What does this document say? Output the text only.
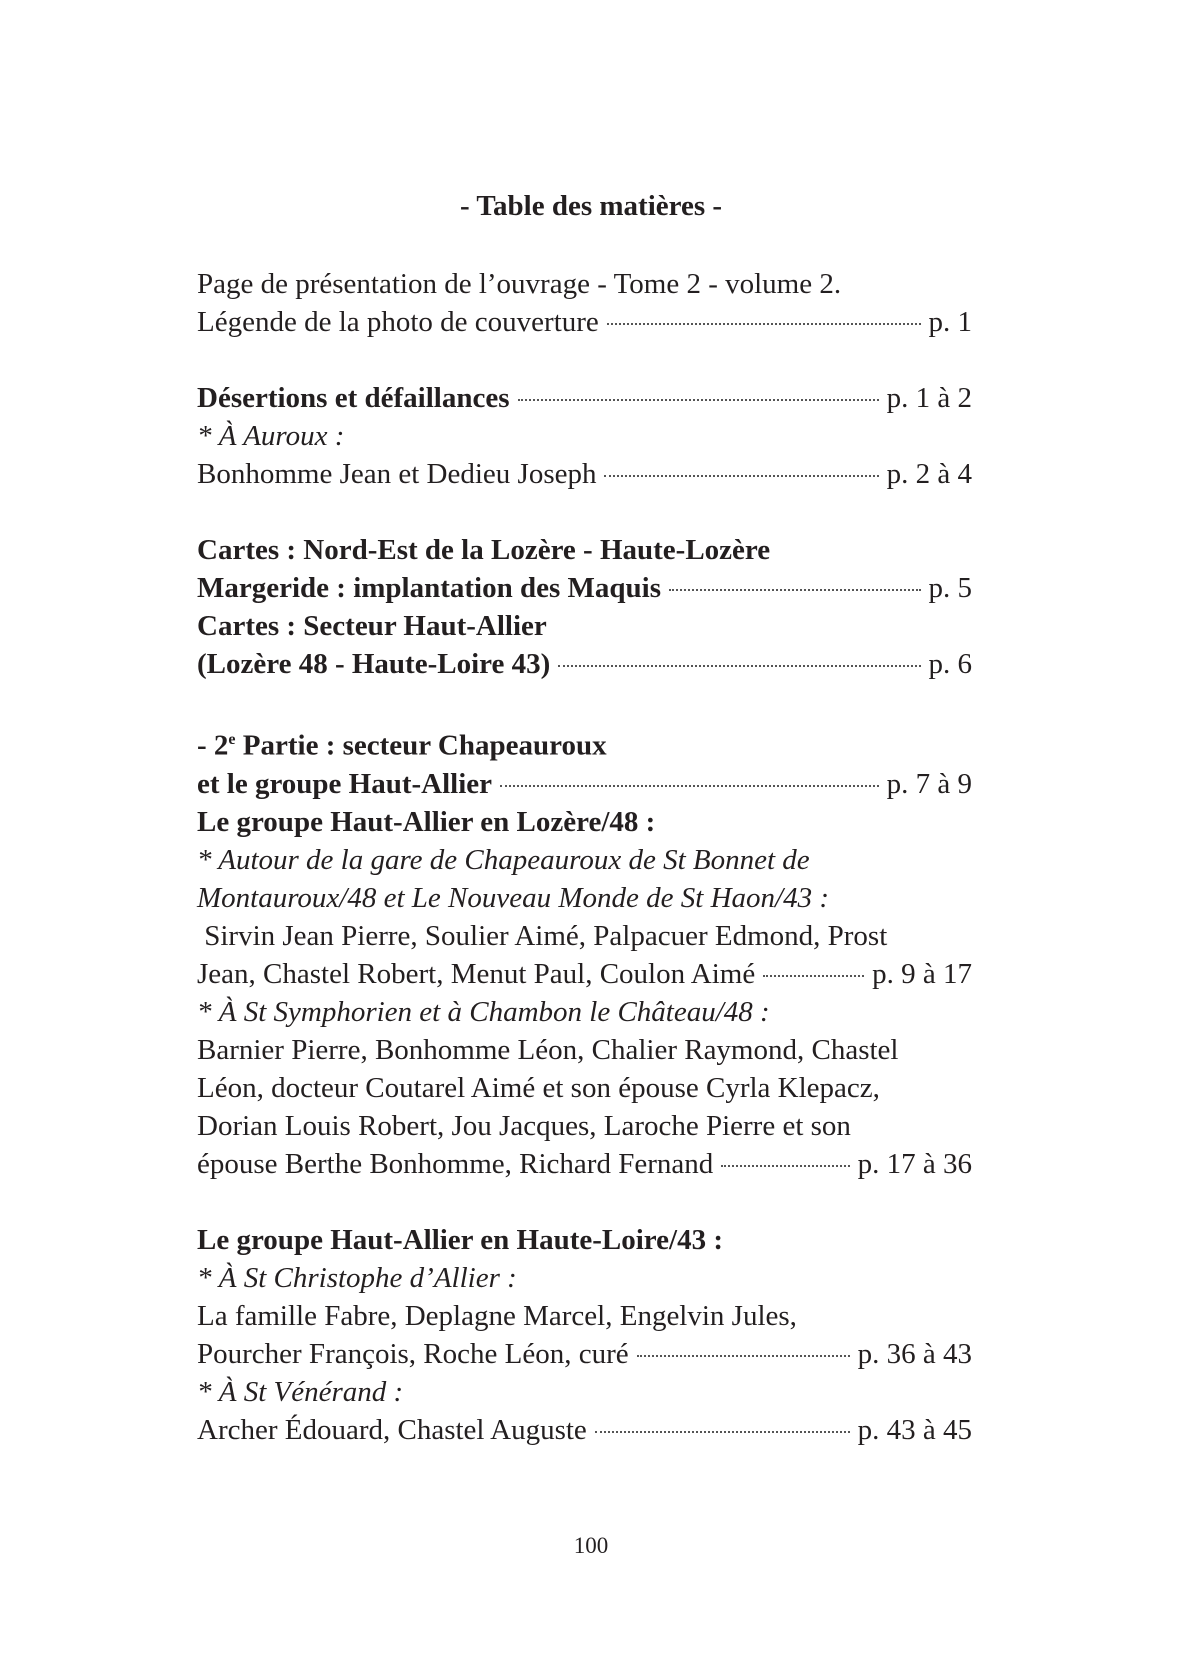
- Table des matières -
Page de présentation de l’ouvrage - Tome 2 - volume 2.
Légende de la photo de couverture	p. 1
Désertions et défaillances	p. 1 à 2
* À Auroux :
Bonhomme Jean et Dedieu Joseph	p. 2 à 4
Cartes : Nord-Est de la Lozère - Haute-Lozère
Margeride : implantation des Maquis	p. 5
Cartes : Secteur Haut-Allier
(Lozère 48 - Haute-Loire 43)	p. 6
- 2e Partie : secteur Chapeauroux
et le groupe Haut-Allier	p. 7 à 9
Le groupe Haut-Allier en Lozère/48 :
* Autour de la gare de Chapeauroux de St Bonnet de
Montauroux/48 et Le Nouveau Monde de St Haon/43 :
Sirvin Jean Pierre, Soulier Aimé, Palpacuer Edmond, Prost
Jean, Chastel Robert, Menut Paul, Coulon Aimé	p. 9 à 17
* À St Symphorien et à Chambon le Château/48 :
Barnier Pierre, Bonhomme Léon, Chalier Raymond, Chastel
Léon, docteur Coutarel Aimé et son épouse Cyrla Klepacz,
Dorian Louis Robert, Jou Jacques, Laroche Pierre et son
épouse Berthe Bonhomme, Richard Fernand	p. 17 à 36
Le groupe Haut-Allier en Haute-Loire/43 :
* À St Christophe d’Allier :
La famille Fabre, Deplagne Marcel, Engelvin Jules,
Pourcher François, Roche Léon, curé	p. 36 à 43
* À St Vénérand :
Archer Édouard, Chastel Auguste	p. 43 à 45
100
